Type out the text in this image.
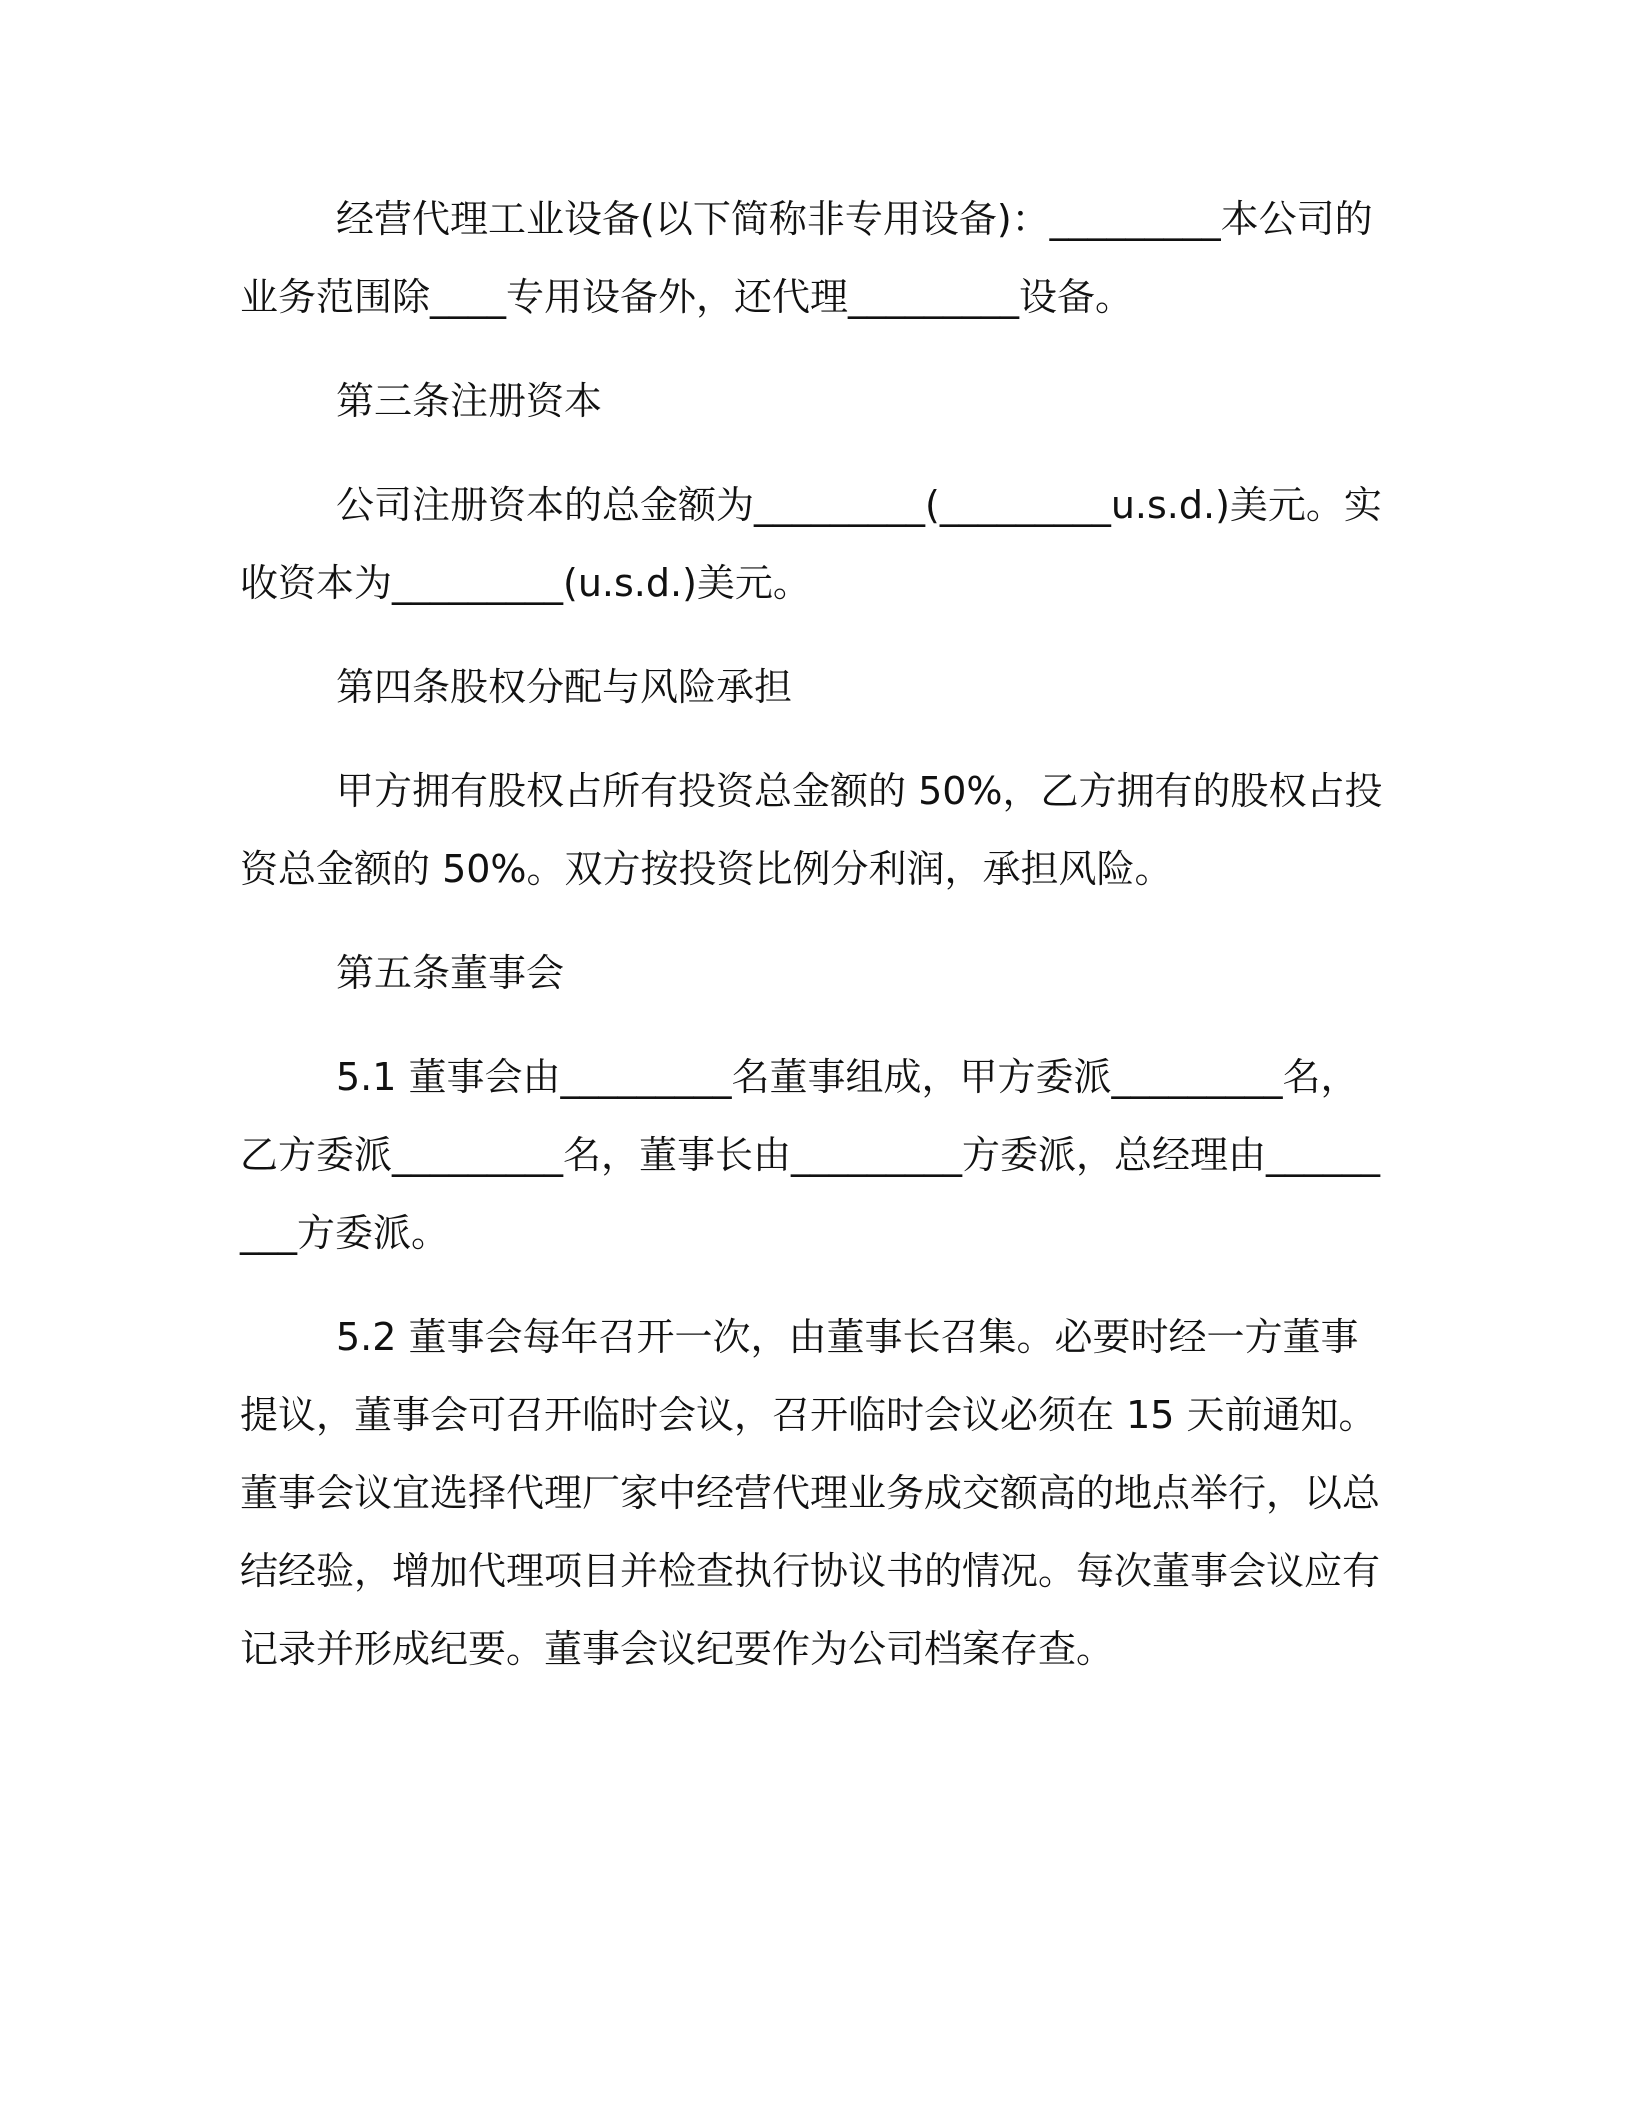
经营代理工业设备(以下简称非专用设备)：_________本公司的业务范围除____专用设备外，还代理_________设备。

第三条注册资本

公司注册资本的总金额为_________(_________u.s.d.)美元。实收资本为_________(u.s.d.)美元。

第四条股权分配与风险承担

甲方拥有股权占所有投资总金额的 50%，乙方拥有的股权占投资总金额的 50%。双方按投资比例分利润，承担风险。

第五条董事会

5.1 董事会由_________名董事组成，甲方委派_________名，乙方委派_________名，董事长由_________方委派，总经理由_________方委派。

5.2 董事会每年召开一次，由董事长召集。必要时经一方董事提议，董事会可召开临时会议，召开临时会议必须在 15 天前通知。董事会议宜选择代理厂家中经营代理业务成交额高的地点举行，以总结经验，增加代理项目并检查执行协议书的情况。每次董事会议应有记录并形成纪要。董事会议纪要作为公司档案存查。
